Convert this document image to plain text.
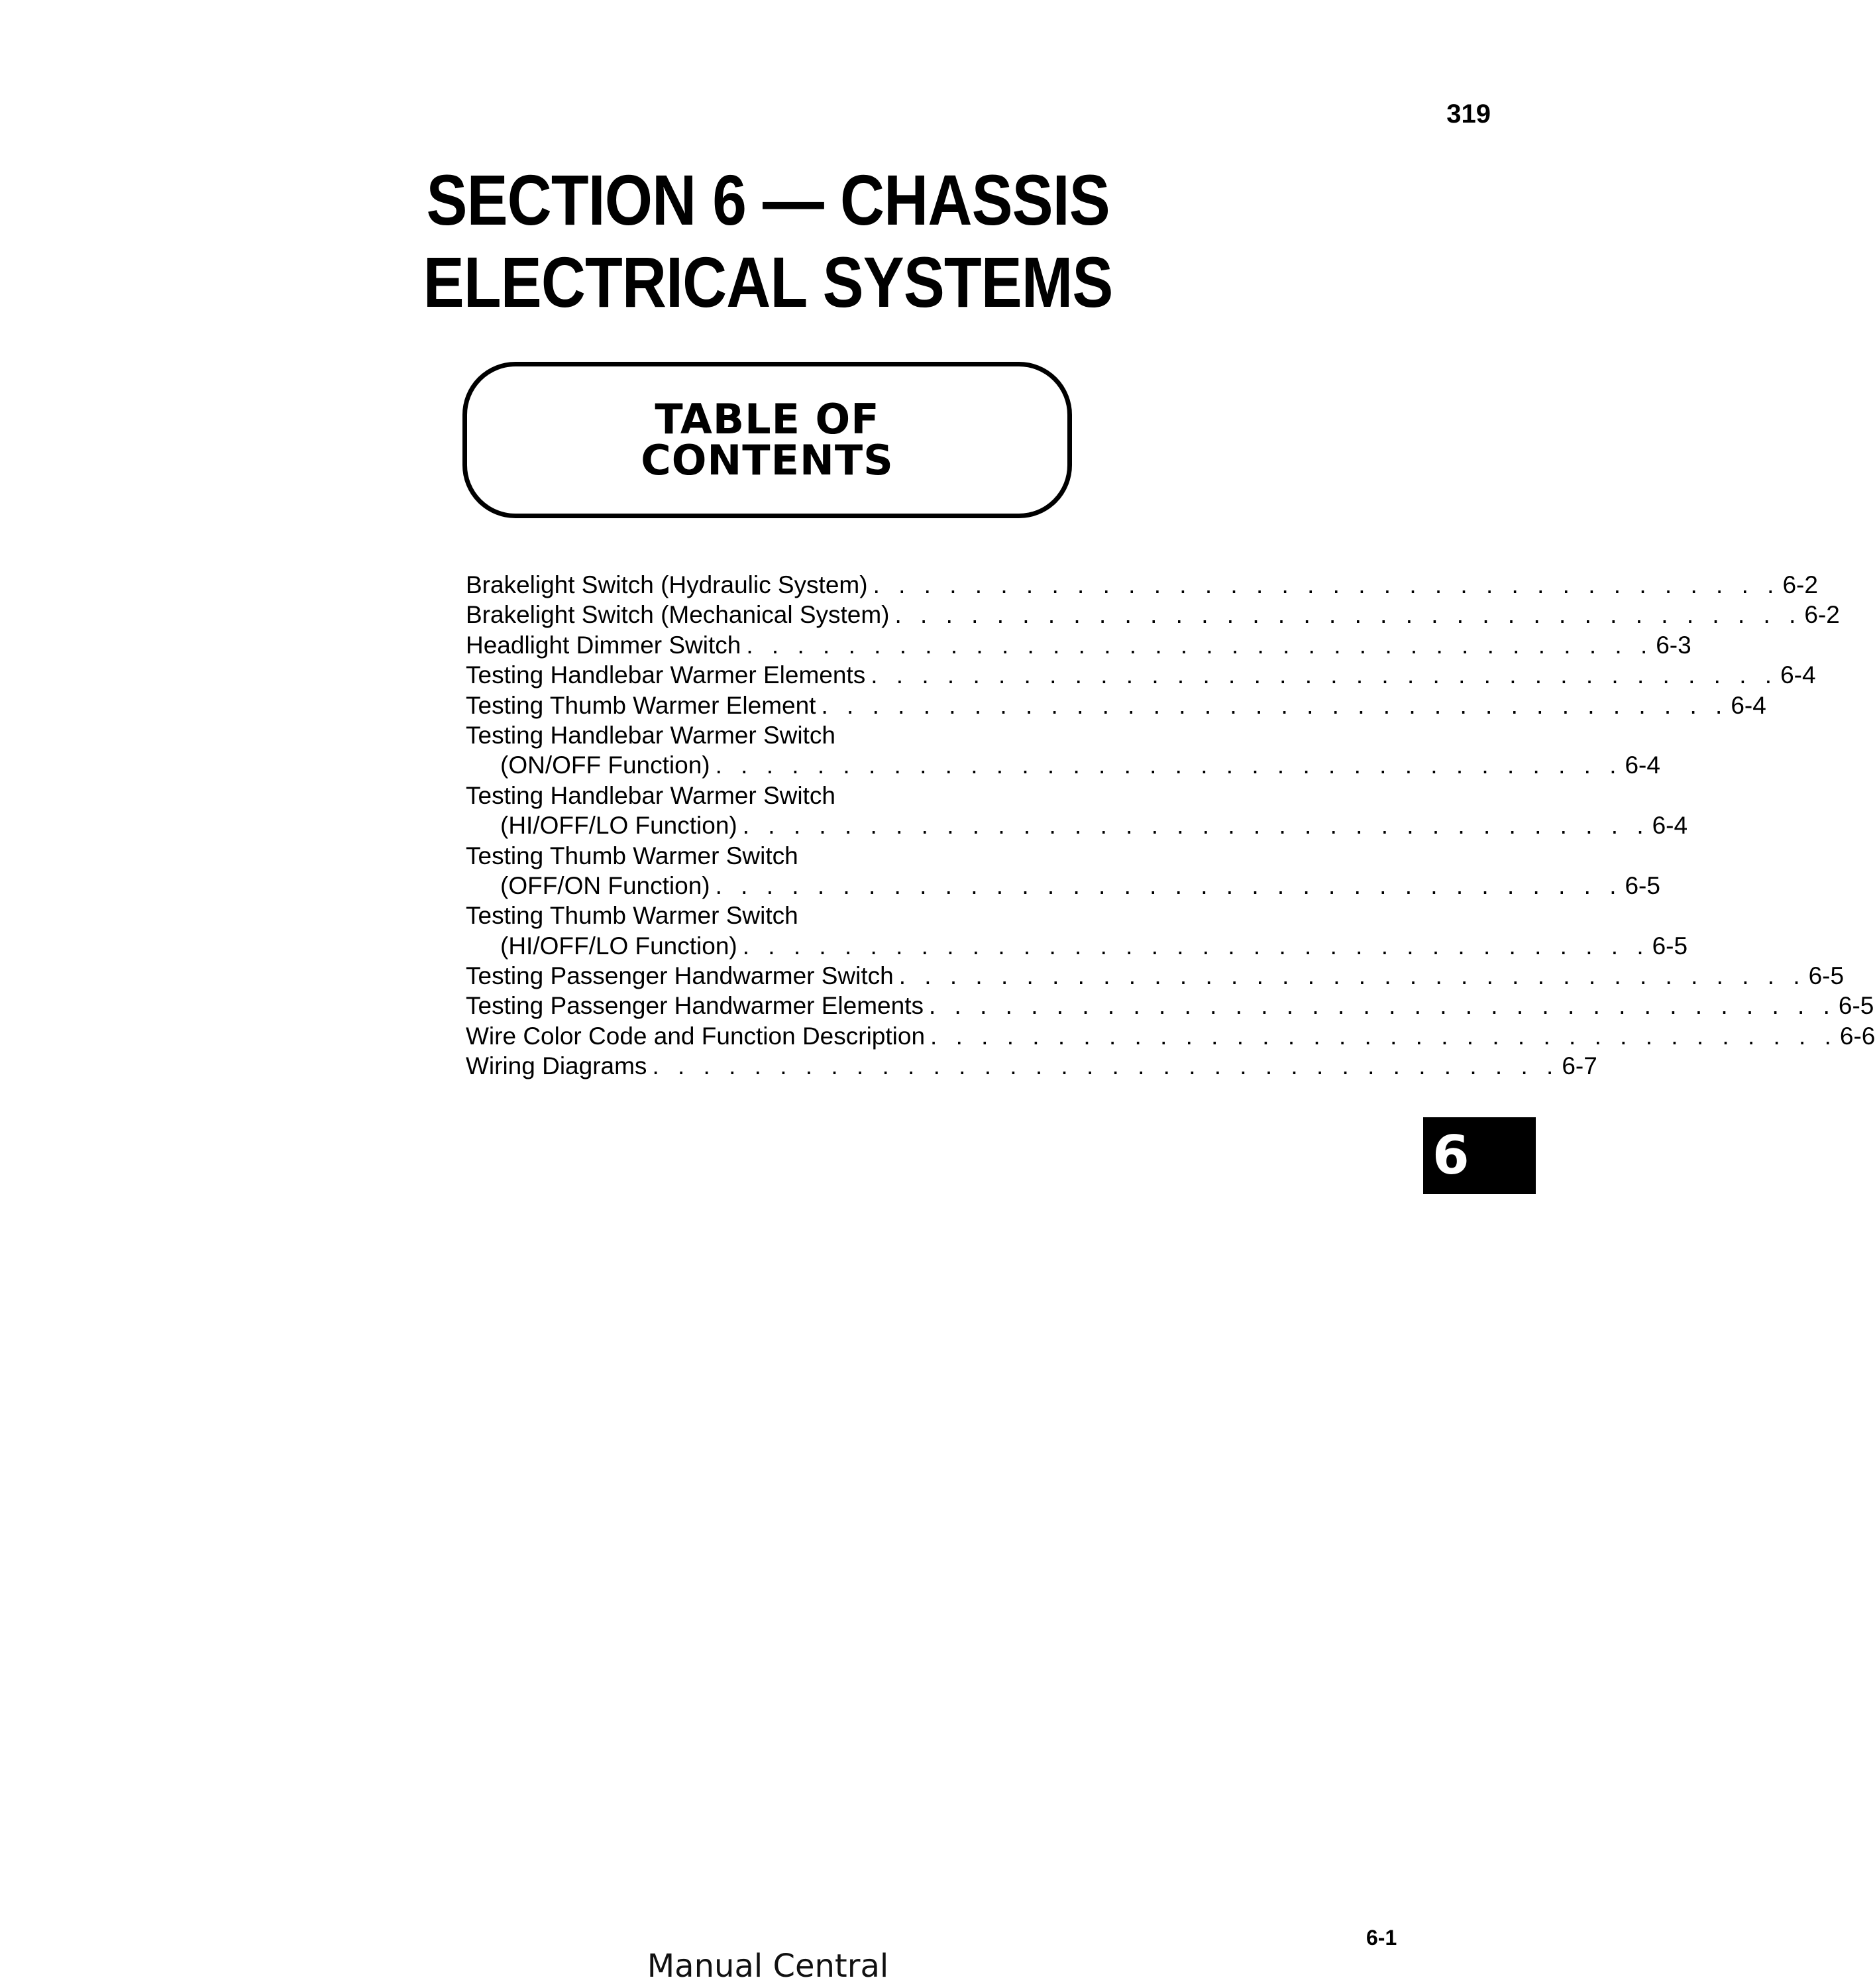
319
SECTION 6 — CHASSIS
ELECTRICAL SYSTEMS
TABLE OF
CONTENTS
Brakelight Switch (Hydraulic System) . . . . . . . . . . . . . . . . . . . . . . . . . . . . . . . . . . . . 6-2
Brakelight Switch (Mechanical System) . . . . . . . . . . . . . . . . . . . . . . . . . . . . . . . . . . . . 6-2
Headlight Dimmer Switch . . . . . . . . . . . . . . . . . . . . . . . . . . . . . . . . . . . . 6-3
Testing Handlebar Warmer Elements . . . . . . . . . . . . . . . . . . . . . . . . . . . . . . . . . . . . 6-4
Testing Thumb Warmer Element . . . . . . . . . . . . . . . . . . . . . . . . . . . . . . . . . . . . 6-4
Testing Handlebar Warmer Switch
(ON/OFF Function) . . . . . . . . . . . . . . . . . . . . . . . . . . . . . . . . . . . . 6-4
Testing Handlebar Warmer Switch
(HI/OFF/LO Function) . . . . . . . . . . . . . . . . . . . . . . . . . . . . . . . . . . . . 6-4
Testing Thumb Warmer Switch
(OFF/ON Function) . . . . . . . . . . . . . . . . . . . . . . . . . . . . . . . . . . . . 6-5
Testing Thumb Warmer Switch
(HI/OFF/LO Function) . . . . . . . . . . . . . . . . . . . . . . . . . . . . . . . . . . . . 6-5
Testing Passenger Handwarmer Switch . . . . . . . . . . . . . . . . . . . . . . . . . . . . . . . . . . . . 6-5
Testing Passenger Handwarmer Elements . . . . . . . . . . . . . . . . . . . . . . . . . . . . . . . . . . . . 6-5
Wire Color Code and Function Description . . . . . . . . . . . . . . . . . . . . . . . . . . . . . . . . . . . . 6-6
Wiring Diagrams . . . . . . . . . . . . . . . . . . . . . . . . . . . . . . . . . . . . 6-7
6
6-1
Manual Central
